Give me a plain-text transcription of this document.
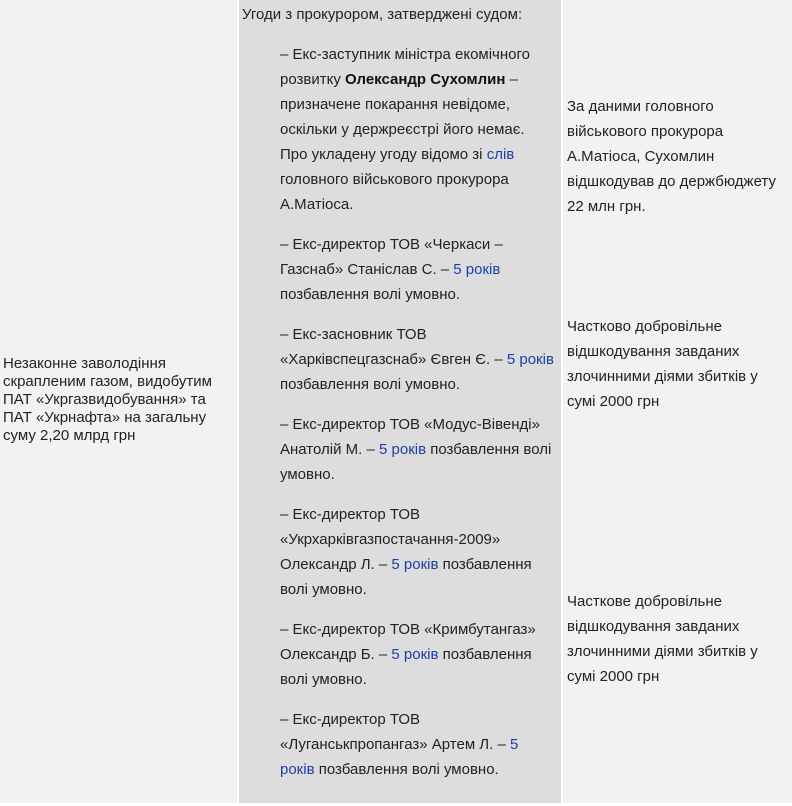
Незаконне заволодіння скрапленим газом, видобутим ПАТ «Укргазвидобування» та ПАТ «Укрнафта» на загальну суму 2,20 млрд грн
Угоди з прокурором, затверджені судом:
– Екс-заступник міністра екомічного розвитку Олександр Сухомлин – призначене покарання невідоме, оскільки у держреєстрі його немає. Про укладену угоду відомо зі слів головного військового прокурора А.Матіоса.
– Екс-директор ТОВ «Черкаси – Газснаб» Станіслав С. – 5 років позбавлення волі умовно.
– Екс-засновник ТОВ «Харківспецгазснаб» Євген Є. – 5 років позбавлення волі умовно.
– Екс-директор ТОВ «Модус-Вівенді» Анатолій М. – 5 років позбавлення волі умовно.
– Екс-директор ТОВ «Укрхарківгазпостачання-2009» Олександр Л. – 5 років позбавлення волі умовно.
– Екс-директор ТОВ «Кримбутангаз» Олександр Б. – 5 років позбавлення волі умовно.
– Екс-директор ТОВ «Луганськпропангаз» Артем Л. – 5 років позбавлення волі умовно.
За даними головного військового прокурора А.Матіоса, Сухомлин відшкодував до держбюджету 22 млн грн.
Частково добровільне відшкодування завданих злочинними діями збитків у сумі 2000 грн
Часткове добровільне відшкодування завданих злочинними діями збитків у сумі 2000 грн
